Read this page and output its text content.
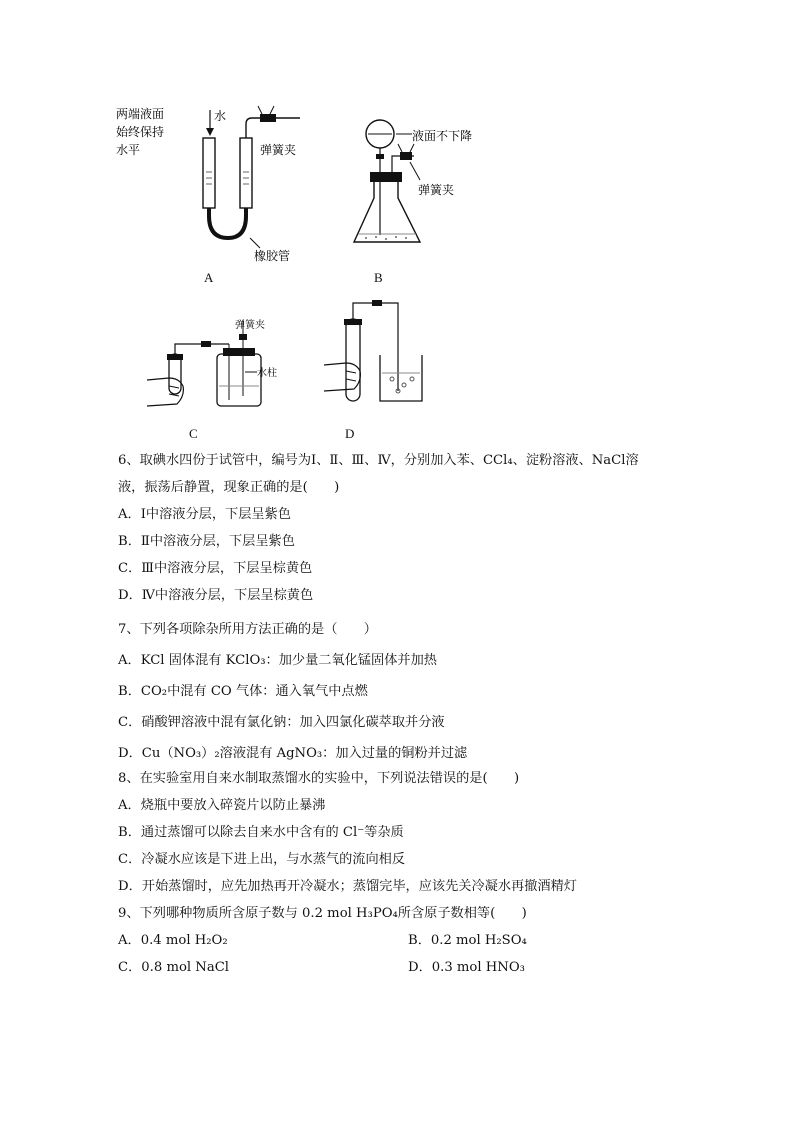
两端液面
始终保持
水平
水
弹簧夹
橡胶管
A
液面不下降
弹簧夹
B
弹簧夹
水柱
C	D
6、取碘水四份于试管中，编号为Ⅰ、Ⅱ、Ⅲ、Ⅳ，分别加入苯、CCl₄、淀粉溶液、NaCl溶
液，振荡后静置，现象正确的是(　　)
A．Ⅰ中溶液分层，下层呈紫色
B．Ⅱ中溶液分层，下层呈紫色
C．Ⅲ中溶液分层，下层呈棕黄色
D．Ⅳ中溶液分层，下层呈棕黄色
7、下列各项除杂所用方法正确的是（　　）
A．KCl 固体混有 KClO₃：加少量二氧化锰固体并加热
B．CO₂中混有 CO 气体：通入氧气中点燃
C．硝酸钾溶液中混有氯化钠：加入四氯化碳萃取并分液
D．Cu（NO₃）₂溶液混有 AgNO₃：加入过量的铜粉并过滤
8、在实验室用自来水制取蒸馏水的实验中，下列说法错误的是(　　)
A．烧瓶中要放入碎瓷片以防止暴沸
B．通过蒸馏可以除去自来水中含有的 Cl⁻等杂质
C．冷凝水应该是下进上出，与水蒸气的流向相反
D．开始蒸馏时，应先加热再开冷凝水；蒸馏完毕，应该先关冷凝水再撤酒精灯
9、下列哪种物质所含原子数与 0.2 mol H₃PO₄所含原子数相等(　　)
A．0.4 mol H₂O₂	B．0.2 mol H₂SO₄
C．0.8 mol NaCl	D．0.3 mol HNO₃
